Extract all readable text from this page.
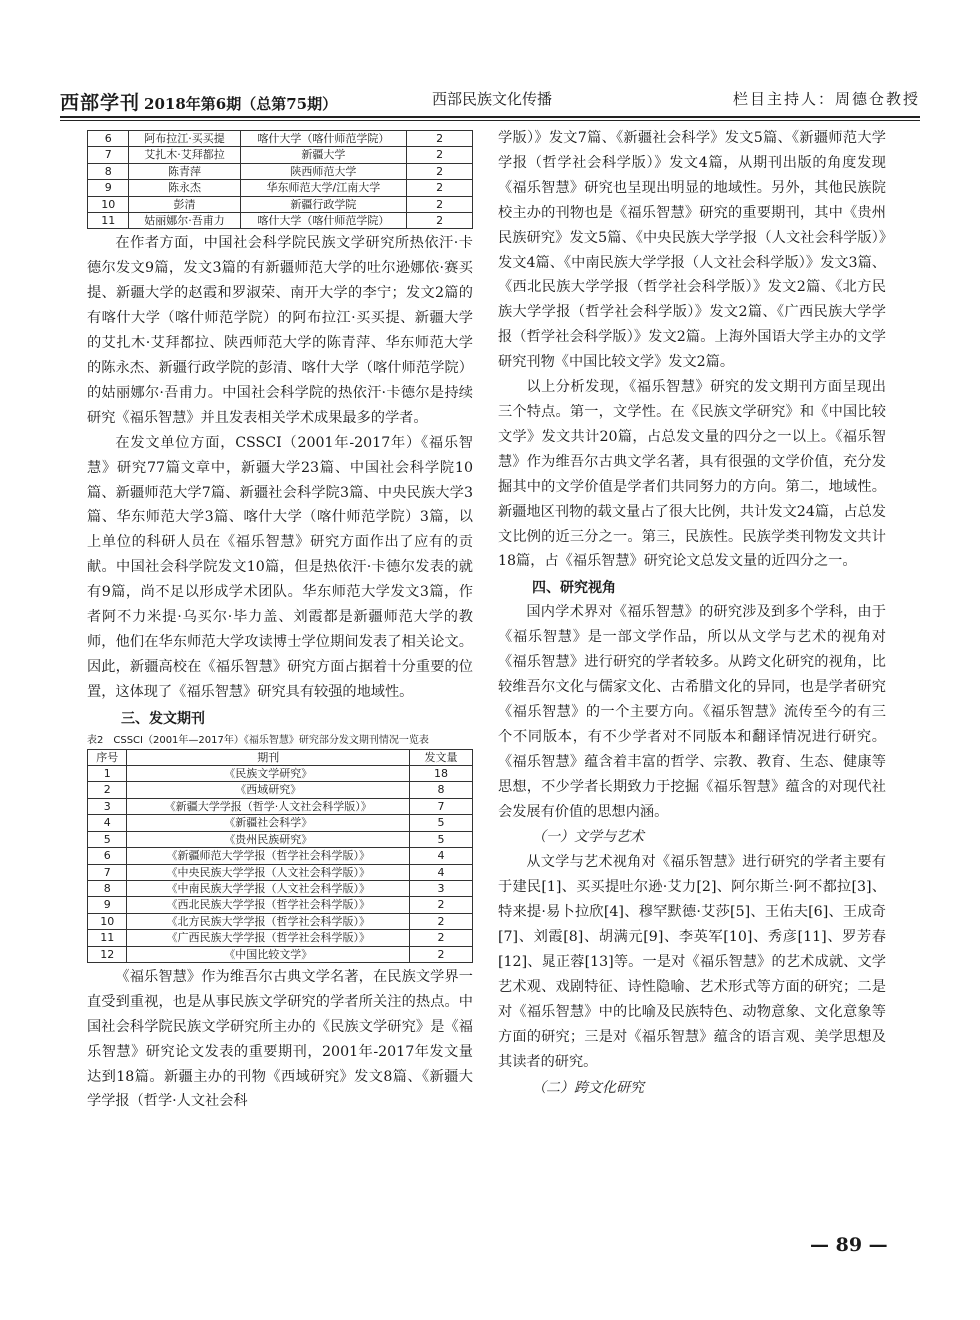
西部学刊 2018年第6期（总第75期）	西部民族文化传播	栏目主持人：周德仓教授
6	阿布拉江·买买提	喀什大学（喀什师范学院）	2
7	艾扎木·艾拜都拉	新疆大学	2
8	陈青萍	陕西师范大学	2
9	陈永杰	华东师范大学/江南大学	2
10	彭清	新疆行政学院	2
11	姑丽娜尔·吾甫力	喀什大学（喀什师范学院）	2

在作者方面，中国社会科学院民族文学研究所热依汗·卡德尔发文9篇，发文3篇的有新疆师范大学的吐尔逊娜依·赛买提、新疆大学的赵霞和罗淑荣、南开大学的李宁；发文2篇的有喀什大学（喀什师范学院）的阿布拉江·买买提、新疆大学的艾扎木·艾拜都拉、陕西师范大学的陈青萍、华东师范大学的陈永杰、新疆行政学院的彭清、喀什大学（喀什师范学院）的姑丽娜尔·吾甫力。中国社会科学院的热依汗·卡德尔是持续研究《福乐智慧》并且发表相关学术成果最多的学者。

在发文单位方面，CSSCI（2001年-2017年）《福乐智慧》研究77篇文章中，新疆大学23篇、中国社会科学院10篇、新疆师范大学7篇、新疆社会科学院3篇、中央民族大学3篇、华东师范大学3篇、喀什大学（喀什师范学院）3篇，以上单位的科研人员在《福乐智慧》研究方面作出了应有的贡献。中国社会科学院发文10篇，但是热依汗·卡德尔发表的就有9篇，尚不足以形成学术团队。华东师范大学发文3篇，作者阿不力米提·乌买尔·毕力盖、刘霞都是新疆师范大学的教师，他们在华东师范大学攻读博士学位期间发表了相关论文。因此，新疆高校在《福乐智慧》研究方面占据着十分重要的位置，这体现了《福乐智慧》研究具有较强的地域性。

三、发文期刊
表2　CSSCI（2001年—2017年）《福乐智慧》研究部分发文期刊情况一览表
序号	期刊	发文量
1	《民族文学研究》	18
2	《西域研究》	8
3	《新疆大学学报（哲学·人文社会科学版）》	7
4	《新疆社会科学》	5
5	《贵州民族研究》	5
6	《新疆师范大学学报（哲学社会科学版）》	4
7	《中央民族大学学报（人文社会科学版）》	4
8	《中南民族大学学报（人文社会科学版）》	3
9	《西北民族大学学报（哲学社会科学版）》	2
10	《北方民族大学学报（哲学社会科学版）》	2
11	《广西民族大学学报（哲学社会科学版）》	2
12	《中国比较文学》	2

《福乐智慧》作为维吾尔古典文学名著，在民族文学界一直受到重视，也是从事民族文学研究的学者所关注的热点。中国社会科学院民族文学研究所主办的《民族文学研究》是《福乐智慧》研究论文发表的重要期刊，2001年-2017年发文量达到18篇。新疆主办的刊物《西域研究》发文8篇、《新疆大学学报（哲学·人文社会科

学版）》发文7篇、《新疆社会科学》发文5篇、《新疆师范大学学报（哲学社会科学版）》发文4篇，从期刊出版的角度发现《福乐智慧》研究也呈现出明显的地域性。另外，其他民族院校主办的刊物也是《福乐智慧》研究的重要期刊，其中《贵州民族研究》发文5篇、《中央民族大学学报（人文社会科学版）》发文4篇、《中南民族大学学报（人文社会科学版）》发文3篇、《西北民族大学学报（哲学社会科学版）》发文2篇、《北方民族大学学报（哲学社会科学版）》发文2篇、《广西民族大学学报（哲学社会科学版）》发文2篇。上海外国语大学主办的文学研究刊物《中国比较文学》发文2篇。

以上分析发现，《福乐智慧》研究的发文期刊方面呈现出三个特点。第一，文学性。在《民族文学研究》和《中国比较文学》发文共计20篇，占总发文量的四分之一以上。《福乐智慧》作为维吾尔古典文学名著，具有很强的文学价值，充分发掘其中的文学价值是学者们共同努力的方向。第二，地域性。新疆地区刊物的载文量占了很大比例，共计发文24篇，占总发文比例的近三分之一。第三，民族性。民族学类刊物发文共计18篇，占《福乐智慧》研究论文总发文量的近四分之一。

四、研究视角

国内学术界对《福乐智慧》的研究涉及到多个学科，由于《福乐智慧》是一部文学作品，所以从文学与艺术的视角对《福乐智慧》进行研究的学者较多。从跨文化研究的视角，比较维吾尔文化与儒家文化、古希腊文化的异同，也是学者研究《福乐智慧》的一个主要方向。《福乐智慧》流传至今的有三个不同版本，有不少学者对不同版本和翻译情况进行研究。《福乐智慧》蕴含着丰富的哲学、宗教、教育、生态、健康等思想，不少学者长期致力于挖掘《福乐智慧》蕴含的对现代社会发展有价值的思想内涵。

（一）文学与艺术

从文学与艺术视角对《福乐智慧》进行研究的学者主要有于建民[1]、买买提吐尔逊·艾力[2]、阿尔斯兰·阿不都拉[3]、特来提·易卜拉欣[4]、穆罕默德·艾莎[5]、王佑夫[6]、王成奇[7]、刘霞[8]、胡满元[9]、李英军[10]、秀彦[11]、罗芳春[12]、晁正蓉[13]等。一是对《福乐智慧》的艺术成就、文学艺术观、戏剧特征、诗性隐喻、艺术形式等方面的研究；二是对《福乐智慧》中的比喻及民族特色、动物意象、文化意象等方面的研究；三是对《福乐智慧》蕴含的语言观、美学思想及其读者的研究。

（二）跨文化研究
— 89 —
